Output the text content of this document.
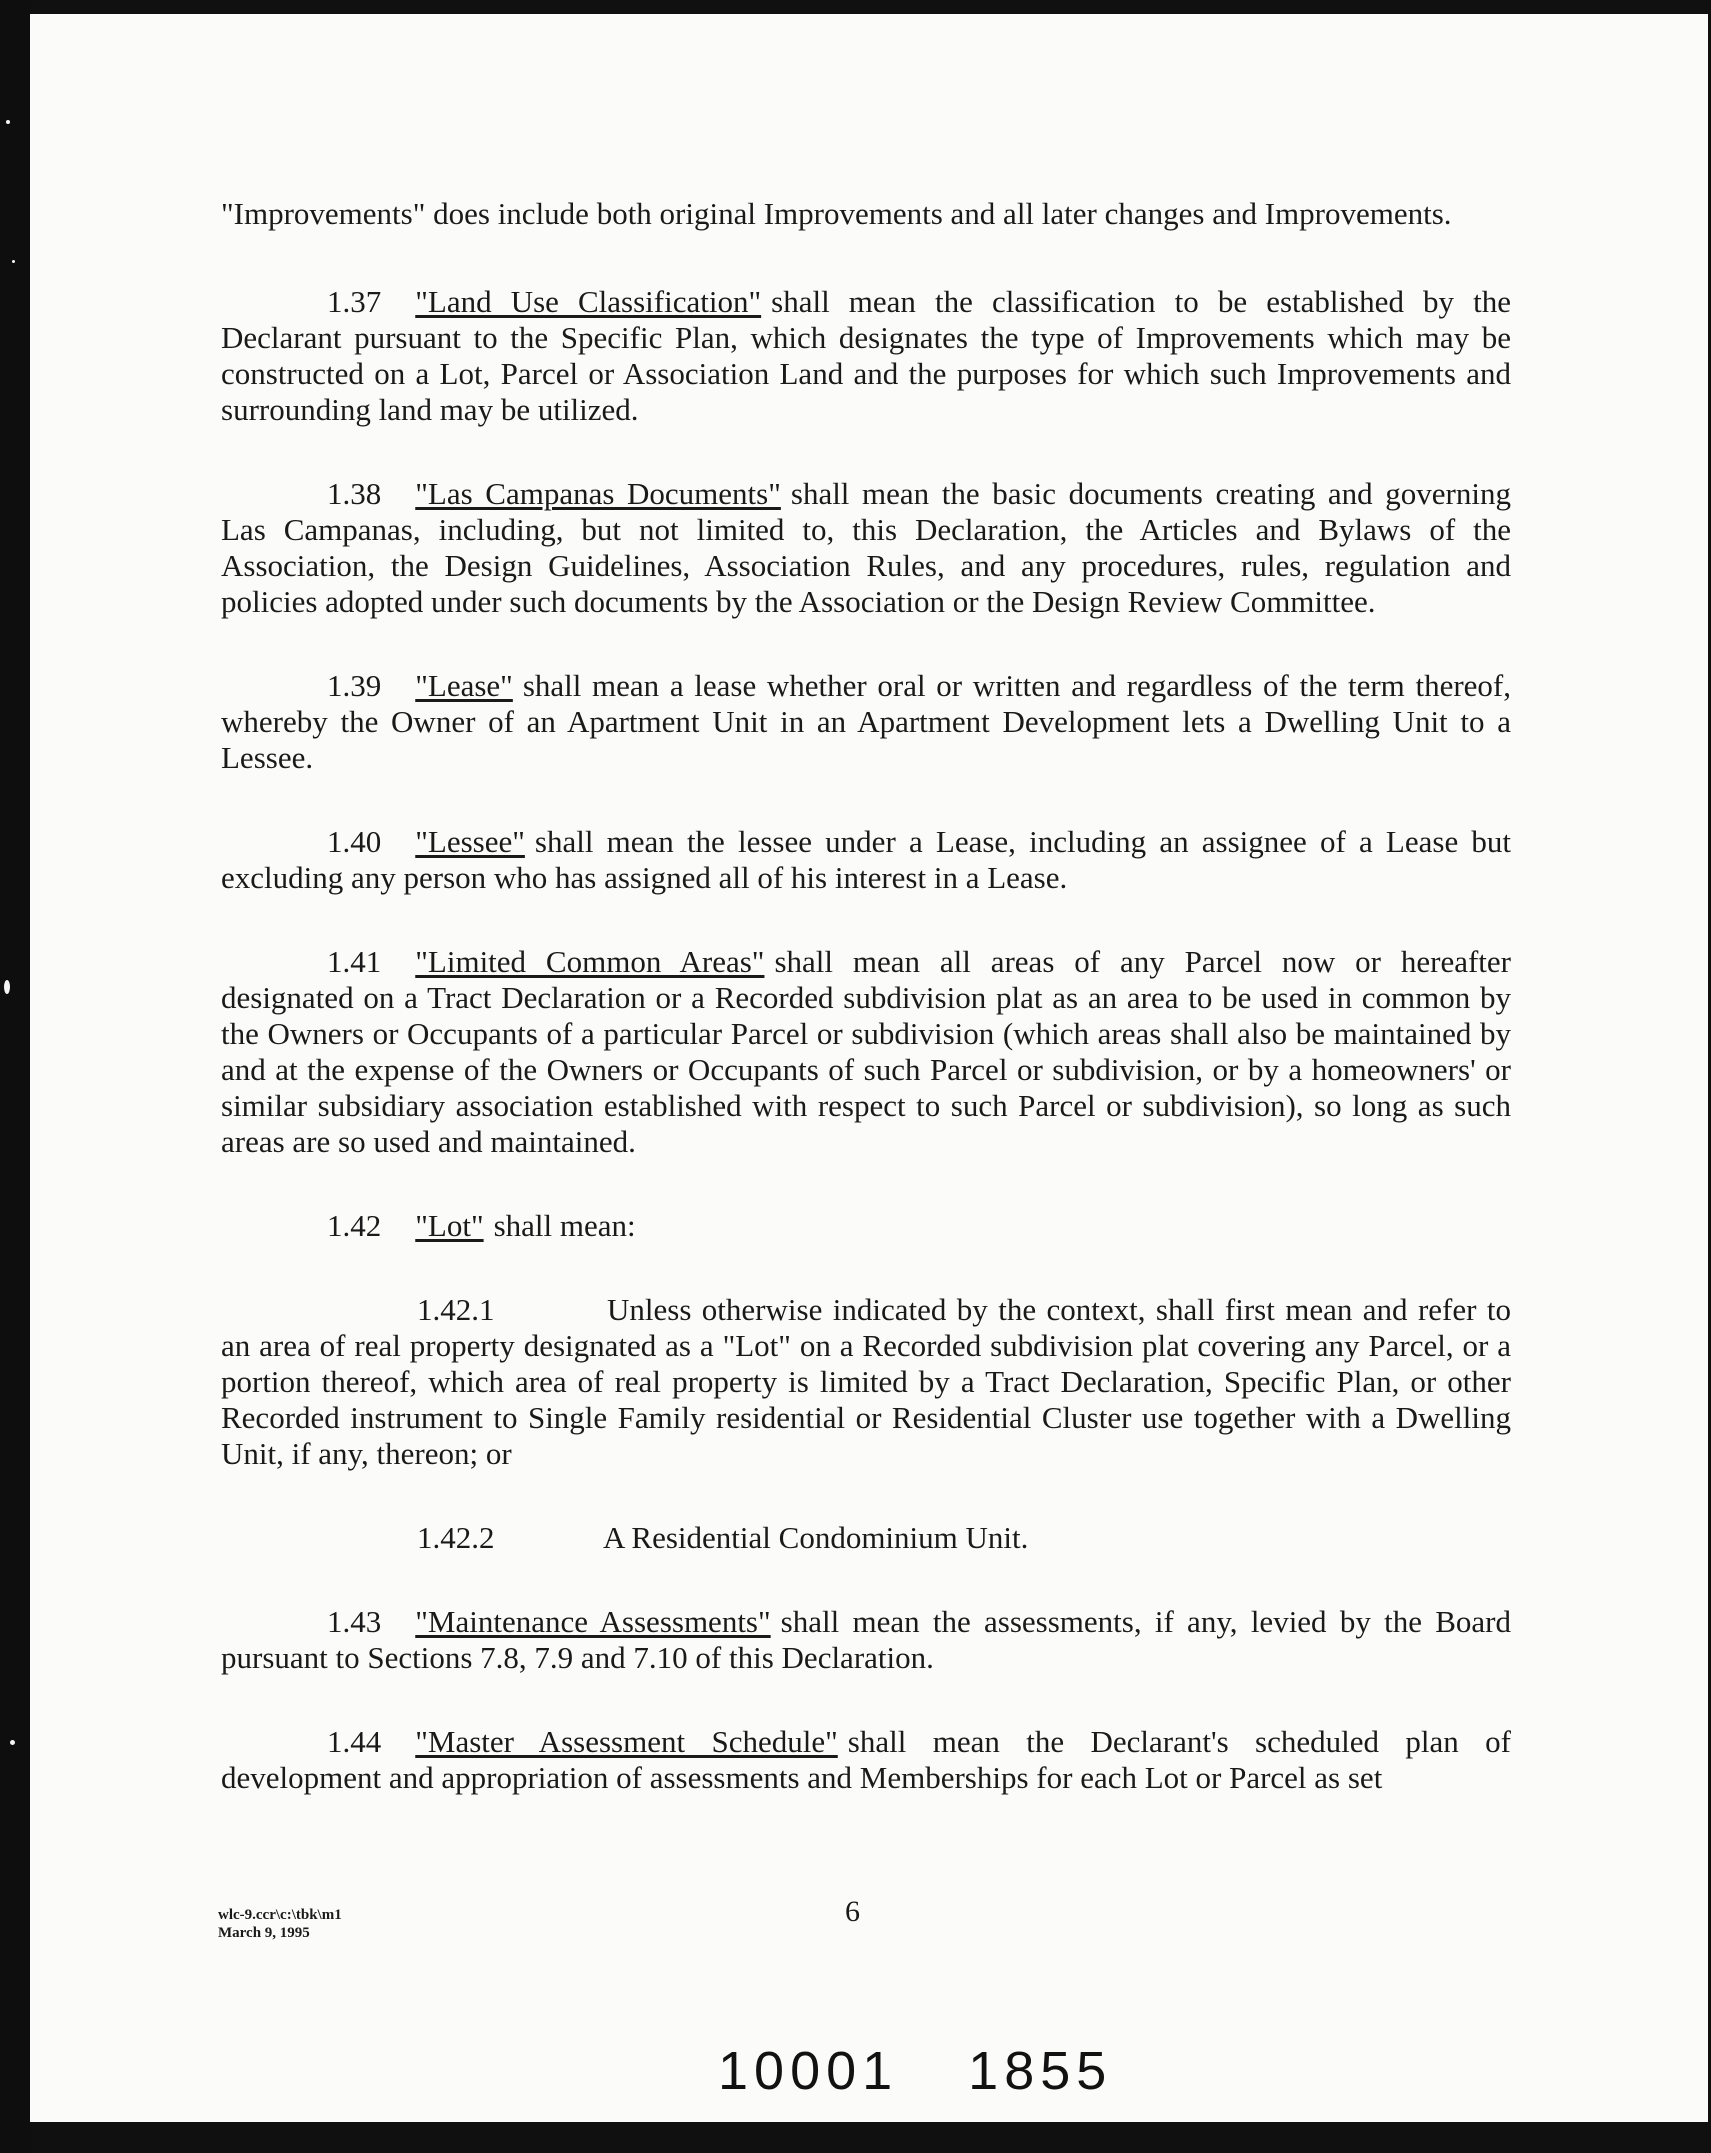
"Improvements" does include both original Improvements and all later changes and Improvements.

1.37 "Land Use Classification" shall mean the classification to be established by the Declarant pursuant to the Specific Plan, which designates the type of Improvements which may be constructed on a Lot, Parcel or Association Land and the purposes for which such Improvements and surrounding land may be utilized.

1.38 "Las Campanas Documents" shall mean the basic documents creating and governing Las Campanas, including, but not limited to, this Declaration, the Articles and Bylaws of the Association, the Design Guidelines, Association Rules, and any procedures, rules, regulation and policies adopted under such documents by the Association or the Design Review Committee.

1.39 "Lease" shall mean a lease whether oral or written and regardless of the term thereof, whereby the Owner of an Apartment Unit in an Apartment Development lets a Dwelling Unit to a Lessee.

1.40 "Lessee" shall mean the lessee under a Lease, including an assignee of a Lease but excluding any person who has assigned all of his interest in a Lease.

1.41 "Limited Common Areas" shall mean all areas of any Parcel now or hereafter designated on a Tract Declaration or a Recorded subdivision plat as an area to be used in common by the Owners or Occupants of a particular Parcel or subdivision (which areas shall also be maintained by and at the expense of the Owners or Occupants of such Parcel or subdivision, or by a homeowners' or similar subsidiary association established with respect to such Parcel or subdivision), so long as such areas are so used and maintained.

1.42 "Lot" shall mean:

1.42.1	Unless otherwise indicated by the context, shall first mean and refer to an area of real property designated as a "Lot" on a Recorded subdivision plat covering any Parcel, or a portion thereof, which area of real property is limited by a Tract Declaration, Specific Plan, or other Recorded instrument to Single Family residential or Residential Cluster use together with a Dwelling Unit, if any, thereon; or

1.42.2	A Residential Condominium Unit.

1.43 "Maintenance Assessments" shall mean the assessments, if any, levied by the Board pursuant to Sections 7.8, 7.9 and 7.10 of this Declaration.

1.44 "Master Assessment Schedule" shall mean the Declarant's scheduled plan of development and appropriation of assessments and Memberships for each Lot or Parcel as set

wlc-9.ccr\c:\tbk\m1
March 9, 1995
6
10001 1855
